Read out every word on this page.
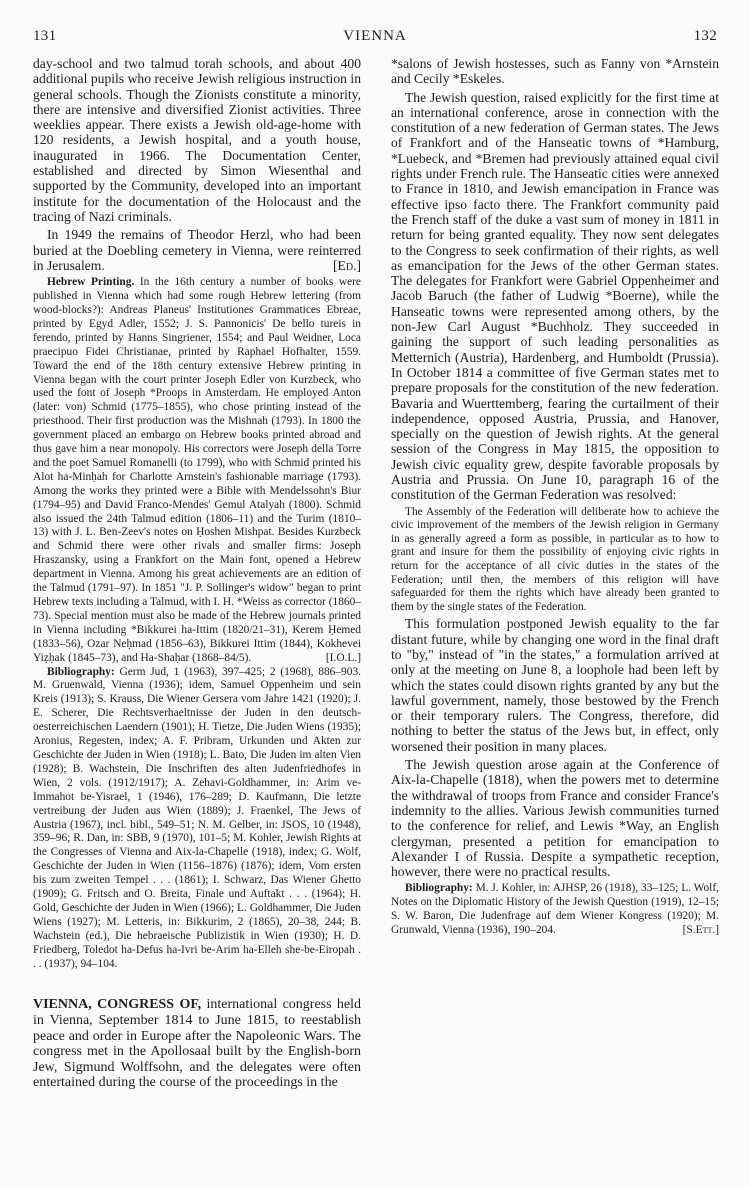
131	VIENNA	132

day-school and two talmud torah schools, and about 400 additional pupils who receive Jewish religious instruction in general schools. Though the Zionists constitute a minority, there are intensive and diversified Zionist activities. Three weeklies appear. There exists a Jewish old-age-home with 120 residents, a Jewish hospital, and a youth house, inaugurated in 1966. The Documentation Center, established and directed by Simon Wiesenthal and supported by the Community, developed into an important institute for the documentation of the Holocaust and the tracing of Nazi criminals.

In 1949 the remains of Theodor Herzl, who had been buried at the Doebling cemetery in Vienna, were reinterred in Jerusalem.	[Ed.]

Hebrew Printing. In the 16th century a number of books were published in Vienna which had some rough Hebrew lettering (from wood-blocks?): Andreas Planeus' Institutiones Grammatices Ebreae, printed by Egyd Adler, 1552; J. S. Pannonicis' De bello tureis in ferendo, printed by Hanns Singriener, 1554; and Paul Weidner, Loca praecipuo Fidei Christianae, printed by Raphael Hofhalter, 1559. Toward the end of the 18th century extensive Hebrew printing in Vienna began with the court printer Joseph Edler von Kurzbeck, who used the font of Joseph *Proops in Amsterdam. He employed Anton (later: von) Schmid (1775–1855), who chose printing instead of the priesthood. Their first production was the Mishnah (1793). In 1800 the government placed an embargo on Hebrew books printed abroad and thus gave him a near monopoly. His correctors were Joseph della Torre and the poet Samuel Romanelli (to 1799), who with Schmid printed his Alot ha-Minḥah for Charlotte Arnstein's fashionable marriage (1793). Among the works they printed were a Bible with Mendelssohn's Biur (1794–95) and David Franco-Mendes' Gemul Atalyah (1800). Schmid also issued the 24th Talmud edition (1806–11) and the Turim (1810–13) with J. L. Ben-Zeev's notes on Ḥoshen Mishpat. Besides Kurzbeck and Schmid there were other rivals and smaller firms: Joseph Hraszansky, using a Frankfort on the Main font, opened a Hebrew department in Vienna. Among his great achievements are an edition of the Talmud (1791–97). In 1851 "J. P. Sollinger's widow" began to print Hebrew texts including a Talmud, with I. H. *Weiss as corrector (1860–73). Special mention must also be made of the Hebrew journals printed in Vienna including *Bikkurei ha-Ittim (1820/21–31), Kerem Ḥemed (1833–56), Ozar Neḥmad (1856–63), Bikkurei Ittim (1844), Kokhevei Yiẓḥak (1845–73), and Ha-Shaḥar (1868–84/5).	[I.O.L.]

Bibliography: Germ Jud, 1 (1963), 397–425; 2 (1968), 886–903. M. Gruenwald, Vienna (1936); idem, Samuel Oppenheim und sein Kreis (1913); S. Krauss, Die Wiener Gersera vom Jahre 1421 (1920); J. E. Scherer, Die Rechtsverhaeltnisse der Juden in den deutsch-oesterreichischen Laendern (1901); H. Tietze, Die Juden Wiens (1935); Aronius, Regesten, index; A. F. Pribram, Urkunden und Akten zur Geschichte der Juden in Wien (1918); L. Bato, Die Juden im alten Vien (1928); B. Wachstein, Die Inschriften des alten Judenfriedhofes in Wien, 2 vols. (1912/1917); A. Zehavi-Goldhammer, in: Arim ve-Immahot be-Yisrael, 1 (1946), 176–289; D. Kaufmann, Die letzte vertreibung der Juden aus Wien (1889); J. Fraenkel, The Jews of Austria (1967), incl. bibl., 549–51; N. M. Gelber, in: JSOS, 10 (1948), 359–96; R. Dan, in: SBB, 9 (1970), 101–5; M. Kohler, Jewish Rights at the Congresses of Vienna and Aix-la-Chapelle (1918), index; G. Wolf, Geschichte der Juden in Wien (1156–1876) (1876); idem, Vom ersten bis zum zweiten Tempel . . . (1861); I. Schwarz, Das Wiener Ghetto (1909); G. Fritsch and O. Breita, Finale und Auftakt . . . (1964); H. Gold, Geschichte der Juden in Wien (1966); L. Goldhammer, Die Juden Wiens (1927); M. Letteris, in: Bikkurim, 2 (1865), 20–38, 244; B. Wachstein (ed.), Die hebraeische Publizistik in Wien (1930); H. D. Friedberg, Toledot ha-Defus ha-Ivri be-Arim ha-Elleh she-be-Eiropah . . . (1937), 94–104.

VIENNA, CONGRESS OF, international congress held in Vienna, September 1814 to June 1815, to reestablish peace and order in Europe after the Napoleonic Wars. The congress met in the Apollosaal built by the English-born Jew, Sigmund Wolffsohn, and the delegates were often entertained during the course of the proceedings in the

*salons of Jewish hostesses, such as Fanny von *Arnstein and Cecily *Eskeles.

The Jewish question, raised explicitly for the first time at an international conference, arose in connection with the constitution of a new federation of German states. The Jews of Frankfort and of the Hanseatic towns of *Hamburg, *Luebeck, and *Bremen had previously attained equal civil rights under French rule. The Hanseatic cities were annexed to France in 1810, and Jewish emancipation in France was effective ipso facto there. The Frankfort community paid the French staff of the duke a vast sum of money in 1811 in return for being granted equality. They now sent delegates to the Congress to seek confirmation of their rights, as well as emancipation for the Jews of the other German states. The delegates for Frankfort were Gabriel Oppenheimer and Jacob Baruch (the father of Ludwig *Boerne), while the Hanseatic towns were represented among others, by the non-Jew Carl August *Buchholz. They succeeded in gaining the support of such leading personalities as Metternich (Austria), Hardenberg, and Humboldt (Prussia). In October 1814 a committee of five German states met to prepare proposals for the constitution of the new federation. Bavaria and Wuerttemberg, fearing the curtailment of their independence, opposed Austria, Prussia, and Hanover, specially on the question of Jewish rights. At the general session of the Congress in May 1815, the opposition to Jewish civic equality grew, despite favorable proposals by Austria and Prussia. On June 10, paragraph 16 of the constitution of the German Federation was resolved:

The Assembly of the Federation will deliberate how to achieve the civic improvement of the members of the Jewish religion in Germany in as generally agreed a form as possible, in particular as to how to grant and insure for them the possibility of enjoying civic rights in return for the acceptance of all civic duties in the states of the Federation; until then, the members of this religion will have safeguarded for them the rights which have already been granted to them by the single states of the Federation.

This formulation postponed Jewish equality to the far distant future, while by changing one word in the final draft to "by," instead of "in the states," a formulation arrived at only at the meeting on June 8, a loophole had been left by which the states could disown rights granted by any but the lawful government, namely, those bestowed by the French or their temporary rulers. The Congress, therefore, did nothing to better the status of the Jews but, in effect, only worsened their position in many places.

The Jewish question arose again at the Conference of Aix-la-Chapelle (1818), when the powers met to determine the withdrawal of troops from France and consider France's indemnity to the allies. Various Jewish communities turned to the conference for relief, and Lewis *Way, an English clergyman, presented a petition for emancipation to Alexander I of Russia. Despite a sympathetic reception, however, there were no practical results.

Bibliography: M. J. Kohler, in: AJHSP, 26 (1918), 33–125; L. Wolf, Notes on the Diplomatic History of the Jewish Question (1919), 12–15; S. W. Baron, Die Judenfrage auf dem Wiener Kongress (1920); M. Grunwald, Vienna (1936), 190–204.	[S.Ett.]
